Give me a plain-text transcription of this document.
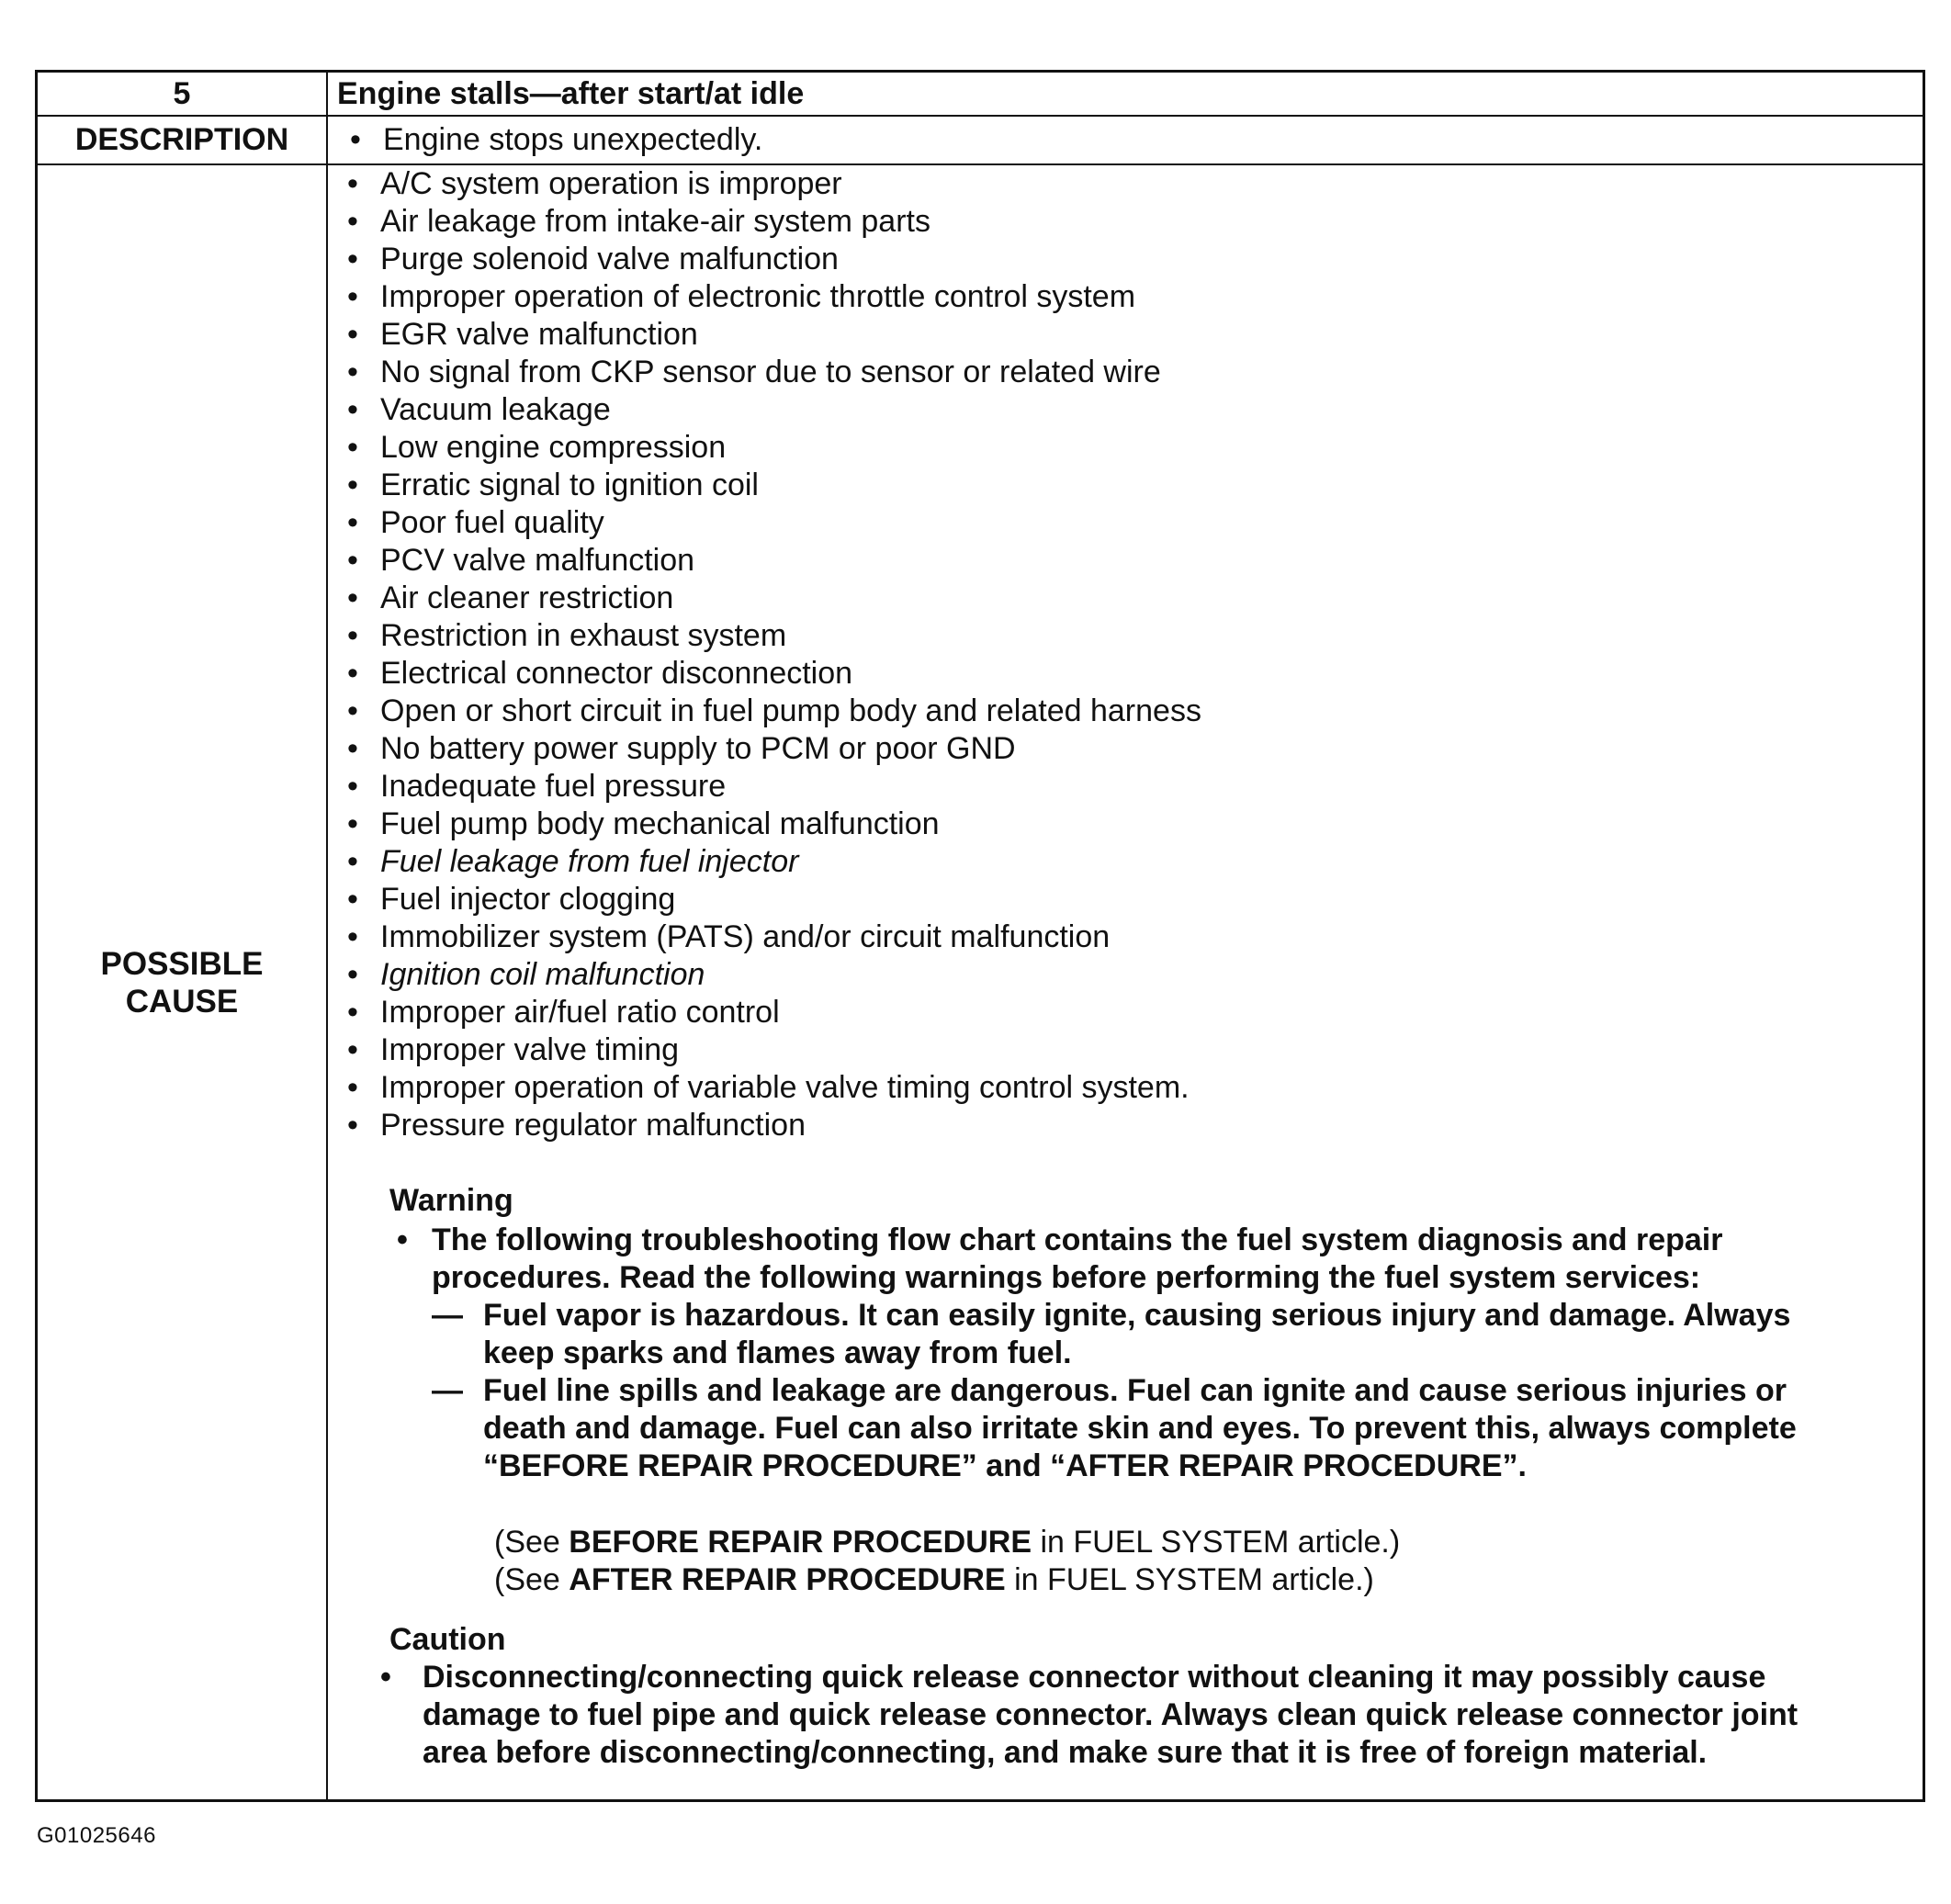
5	Engine stalls—after start/at idle
DESCRIPTION • Engine stops unexpectedly.
POSSIBLE
CAUSE
• A/C system operation is improper
• Air leakage from intake-air system parts
• Purge solenoid valve malfunction
• Improper operation of electronic throttle control system
• EGR valve malfunction
• No signal from CKP sensor due to sensor or related wire
• Vacuum leakage
• Low engine compression
• Erratic signal to ignition coil
• Poor fuel quality
• PCV valve malfunction
• Air cleaner restriction
• Restriction in exhaust system
• Electrical connector disconnection
• Open or short circuit in fuel pump body and related harness
• No battery power supply to PCM or poor GND
• Inadequate fuel pressure
• Fuel pump body mechanical malfunction
• Fuel leakage from fuel injector
• Fuel injector clogging
• Immobilizer system (PATS) and/or circuit malfunction
• Ignition coil malfunction
• Improper air/fuel ratio control
• Improper valve timing
• Improper operation of variable valve timing control system.
• Pressure regulator malfunction
Warning
• The following troubleshooting flow chart contains the fuel system diagnosis and repair
procedures. Read the following warnings before performing the fuel system services:
— Fuel vapor is hazardous. It can easily ignite, causing serious injury and damage. Always
keep sparks and flames away from fuel.
— Fuel line spills and leakage are dangerous. Fuel can ignite and cause serious injuries or
death and damage. Fuel can also irritate skin and eyes. To prevent this, always complete
“BEFORE REPAIR PROCEDURE” and “AFTER REPAIR PROCEDURE”.
(See BEFORE REPAIR PROCEDURE in FUEL SYSTEM article.)
(See AFTER REPAIR PROCEDURE in FUEL SYSTEM article.)
Caution
•	Disconnecting/connecting quick release connector without cleaning it may possibly cause
damage to fuel pipe and quick release connector. Always clean quick release connector joint
area before disconnecting/connecting, and make sure that it is free of foreign material.
G01025646
